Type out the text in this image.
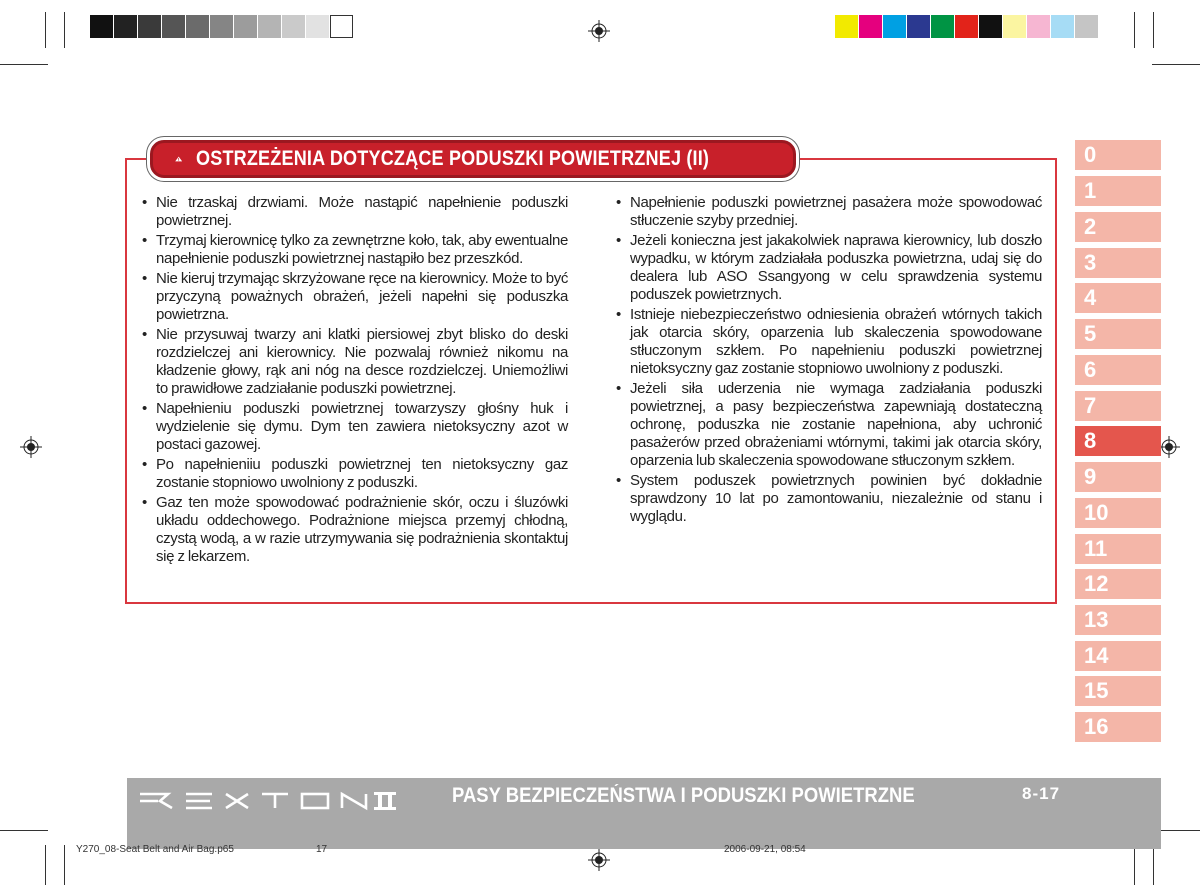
OSTRZEŻENIA DOTYCZĄCE PODUSZKI POWIETRZNEJ (II)
• Nie trzaskaj drzwiami. Może nastąpić napełnienie poduszki powietrznej.
• Trzymaj kierownicę tylko za zewnętrzne koło, tak, aby ewentualne napełnienie poduszki powietrznej nastąpiło bez przeszkód.
• Nie kieruj trzymając skrzyżowane ręce na kierownicy. Może to być przyczyną poważnych obrażeń, jeżeli napełni się poduszka powietrzna.
• Nie przysuwaj twarzy ani klatki piersiowej zbyt blisko do deski rozdzielczej ani kierownicy. Nie pozwalaj również nikomu na kładzenie głowy, rąk ani nóg na desce rozdzielczej. Uniemożliwi to prawidłowe zadziałanie poduszki powietrznej.
• Napełnieniu poduszki powietrznej towarzyszy głośny huk i wydzielenie się dymu. Dym ten zawiera nietoksyczny azot w postaci gazowej.
• Po napełnieniiu poduszki powietrznej ten nietoksyczny gaz zostanie stopniowo uwolniony z poduszki.
• Gaz ten może spowodować podrażnienie skór, oczu i śluzówki układu oddechowego. Podrażnione miejsca przemyj chłodną, czystą wodą, a w razie utrzymywania się podrażnienia skontaktuj się z lekarzem.
• Napełnienie poduszki powietrznej pasażera może spowodować stłuczenie szyby przedniej.
• Jeżeli konieczna jest jakakolwiek naprawa kierownicy, lub doszło wypadku, w którym zadziałała poduszka powietrzna, udaj się do dealera lub ASO Ssangyong w celu sprawdzenia systemu poduszek powietrznych.
• Istnieje niebezpieczeństwo odniesienia obrażeń wtórnych takich jak otarcia skóry, oparzenia lub skaleczenia spowodowane stłuczonym szkłem. Po napełnieniu poduszki powietrznej nietoksyczny gaz zostanie stopniowo uwolniony z poduszki.
• Jeżeli siła uderzenia nie wymaga zadziałania poduszki powietrznej, a pasy bezpieczeństwa zapewniają dostateczną ochronę, poduszka nie zostanie napełniona, aby uchronić pasażerów przed obrażeniami wtórnymi, takimi jak otarcia skóry, oparzenia lub skaleczenia spowodowane stłuczonym szkłem.
• System poduszek powietrznych powinien być dokładnie sprawdzony 10 lat po zamontowaniu, niezależnie od stanu i wyglądu.
0
1
2
3
4
5
6
7
8
9
10
11
12
13
14
15
16
PASY BEZPIECZEŃSTWA I PODUSZKI POWIETRZNE	8-17
Y270_08-Seat Belt and Air Bag.p65	17	2006-09-21, 08:54
